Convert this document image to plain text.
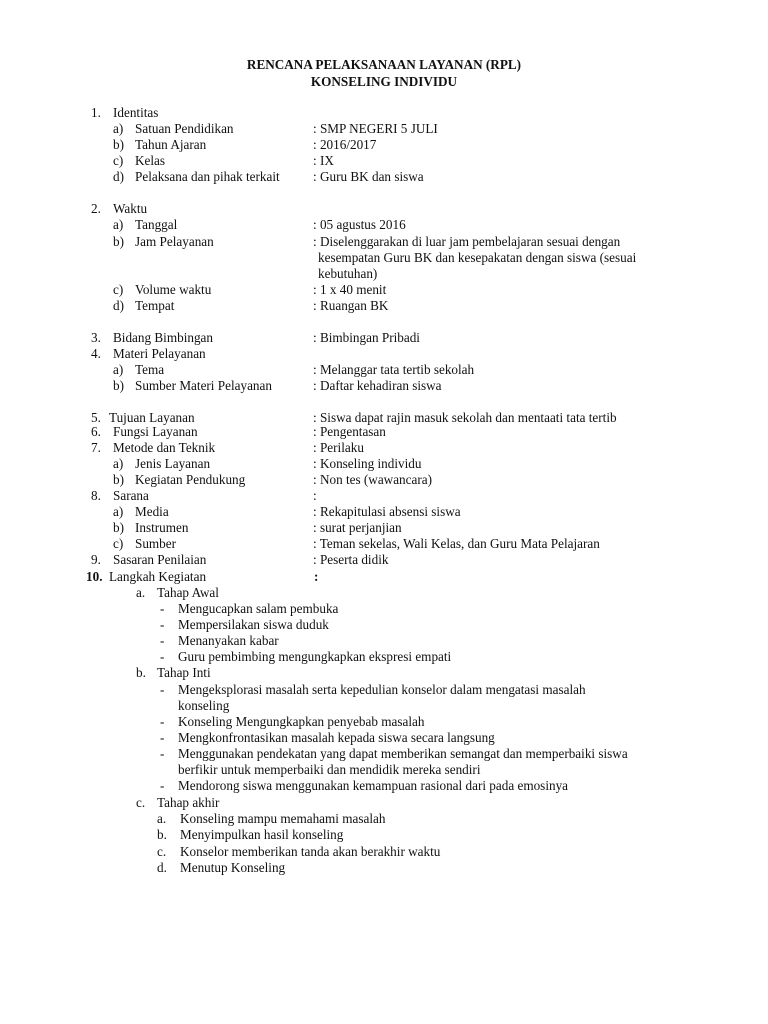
RENCANA PELAKSANAAN LAYANAN (RPL)
KONSELING INDIVIDU
1. Identitas
a) Satuan Pendidikan	: SMP NEGERI 5 JULI
b) Tahun Ajaran	: 2016/2017
c) Kelas	: IX
d) Pelaksana dan pihak terkait	: Guru BK dan siswa
2. Waktu
a) Tanggal	: 05 agustus 2016
b) Jam Pelayanan	: Diselenggarakan di luar jam pembelajaran sesuai dengan
kesempatan Guru BK dan kesepakatan dengan siswa (sesuai
kebutuhan)
c) Volume waktu	: 1 x 40 menit
d) Tempat	: Ruangan BK
3. Bidang Bimbingan	: Bimbingan Pribadi
4. Materi Pelayanan
a) Tema	: Melanggar tata tertib sekolah
b) Sumber Materi Pelayanan	: Daftar kehadiran siswa
5. Tujuan Layanan	: Siswa dapat rajin masuk sekolah dan mentaati tata tertib
6. Fungsi Layanan	: Pengentasan
7. Metode dan Teknik	: Perilaku
a) Jenis Layanan	: Konseling individu
b) Kegiatan Pendukung	: Non tes (wawancara)
8. Sarana	:
a) Media	: Rekapitulasi absensi siswa
b) Instrumen	: surat perjanjian
c) Sumber	: Teman sekelas, Wali Kelas, dan Guru Mata Pelajaran
9. Sasaran Penilaian	: Peserta didik
10. Langkah Kegiatan	:
a. Tahap Awal
- Mengucapkan salam pembuka
- Mempersilakan siswa duduk
- Menanyakan kabar
- Guru pembimbing mengungkapkan ekspresi empati
b. Tahap Inti
- Mengeksplorasi masalah serta kepedulian konselor dalam mengatasi masalah
konseling
- Konseling Mengungkapkan penyebab masalah
- Mengkonfrontasikan masalah kepada siswa secara langsung
- Menggunakan pendekatan yang dapat memberikan semangat dan memperbaiki siswa
berfikir untuk memperbaiki dan mendidik mereka sendiri
- Mendorong siswa menggunakan kemampuan rasional dari pada emosinya
c. Tahap akhir
a. Konseling mampu memahami masalah
b. Menyimpulkan hasil konseling
c. Konselor memberikan tanda akan berakhir waktu
d. Menutup Konseling
